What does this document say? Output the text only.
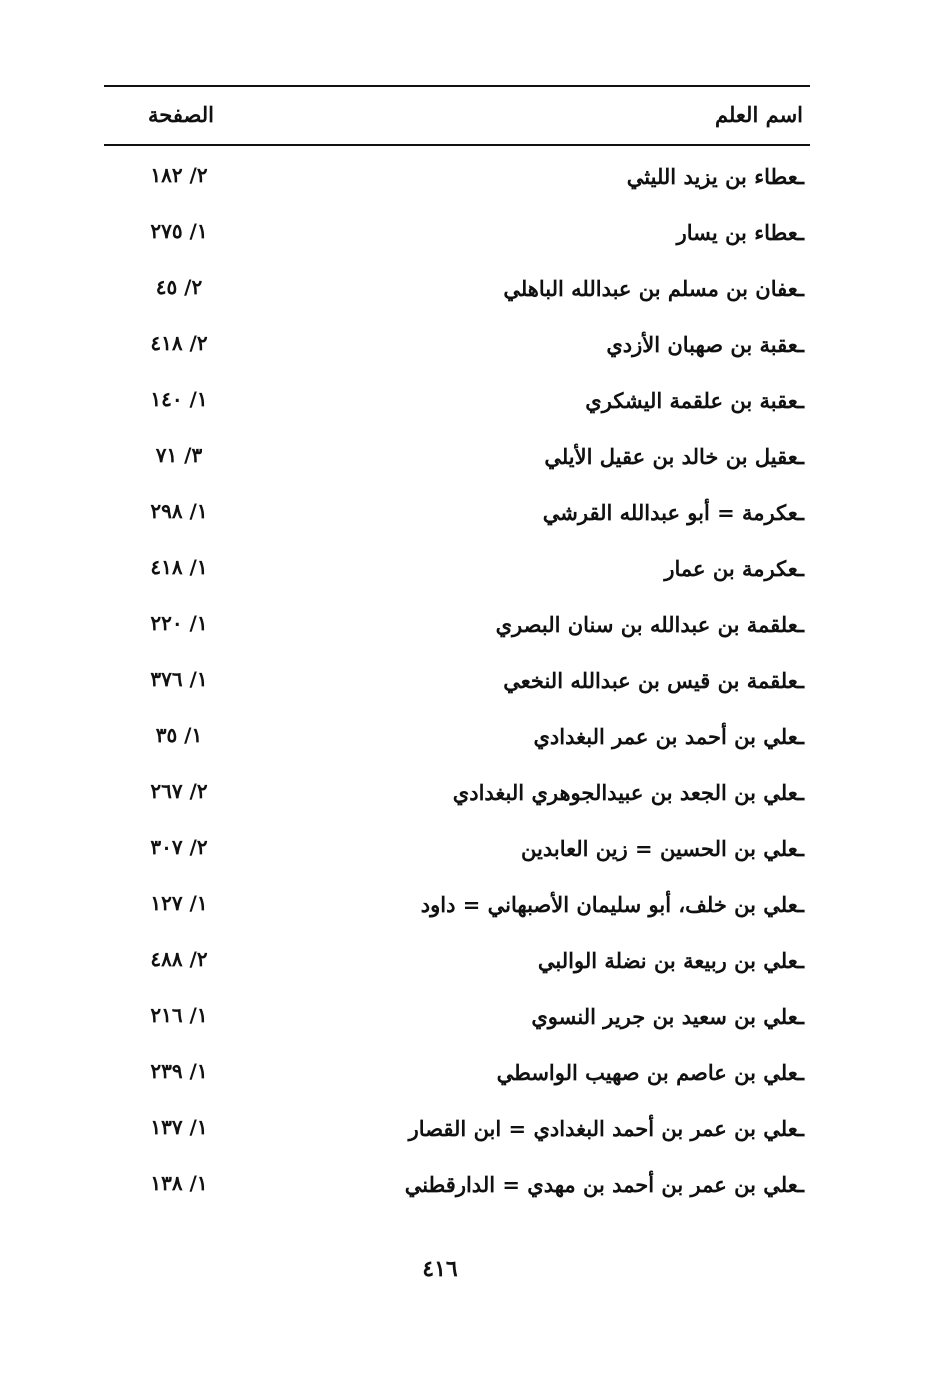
اسم العلم
الصفحة
ـعطاء بن يزيد الليثي
٢/ ١٨٢
ـعطاء بن يسار
١/ ٢٧٥
ـعفان بن مسلم بن عبدالله الباهلي
٢/ ٤٥
ـعقبة بن صهبان الأزدي
٢/ ٤١٨
ـعقبة بن علقمة اليشكري
١/ ١٤٠
ـعقيل بن خالد بن عقيل الأيلي
٣/ ٧١
ـعكرمة = أبو عبدالله القرشي
١/ ٢٩٨
ـعكرمة بن عمار
١/ ٤١٨
ـعلقمة بن عبدالله بن سنان البصري
١/ ٢٢٠
ـعلقمة بن قيس بن عبدالله النخعي
١/ ٣٧٦
ـعلي بن أحمد بن عمر البغدادي
١/ ٣٥
ـعلي بن الجعد بن عبيدالجوهري البغدادي
٢/ ٢٦٧
ـعلي بن الحسين = زين العابدين
٢/ ٣٠٧
ـعلي بن خلف، أبو سليمان الأصبهاني = داود
١/ ١٢٧
ـعلي بن ربيعة بن نضلة الوالبي
٢/ ٤٨٨
ـعلي بن سعيد بن جرير النسوي
١/ ٢١٦
ـعلي بن عاصم بن صهيب الواسطي
١/ ٢٣٩
ـعلي بن عمر بن أحمد البغدادي = ابن القصار
١/ ١٣٧
ـعلي بن عمر بن أحمد بن مهدي = الدارقطني
١/ ١٣٨
٤١٦
